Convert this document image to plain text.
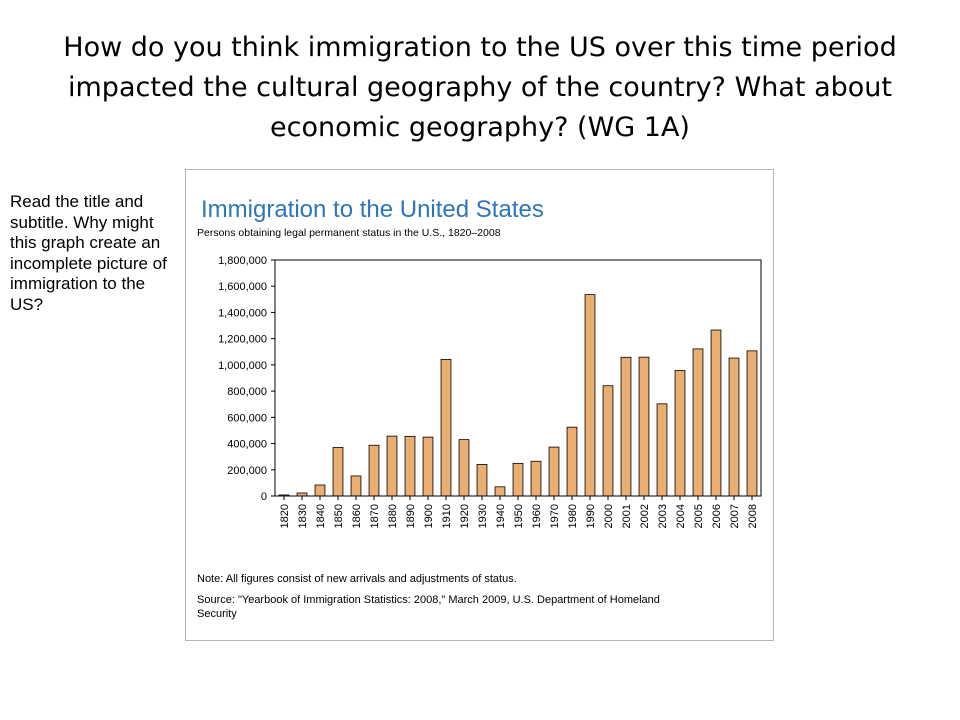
How do you think immigration to the US over this time period impacted the cultural geography of the country? What about economic geography? (WG 1A)
Read the title and subtitle. Why might this graph create an incomplete picture of immigration to the US?
Immigration to the United States
Persons obtaining legal permanent status in the U.S., 1820–2008
0
200,000
400,000
600,000
800,000
1,000,000
1,200,000
1,400,000
1,600,000
1,800,000
1820 1830 1840 1850 1860 1870 1880 1890 1900 1910 1920 1930 1940 1950 1960 1970 1980 1990 2000 2001 2002 2003 2004 2005 2006 2007 2008
Note: All figures consist of new arrivals and adjustments of status.
Source: "Yearbook of Immigration Statistics: 2008," March 2009, U.S. Department of Homeland
Security
